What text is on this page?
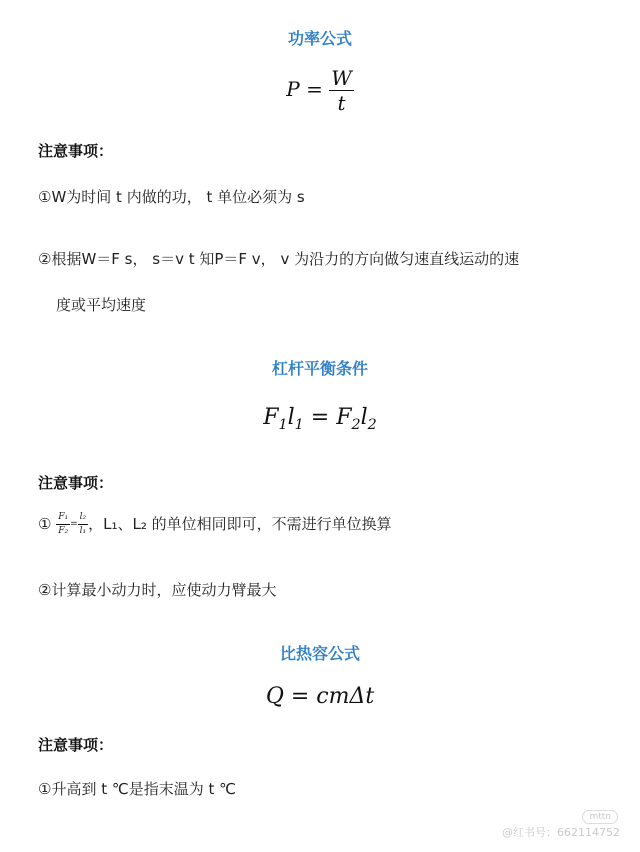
功率公式
$P = \frac{W}{t}$
注意事项：
①W为时间 t 内做的功， t 单位必须为 s
②根据W＝F s， s＝v t 知P＝F v， v 为沿力的方向做匀速直线运动的速
度或平均速度
杠杆平衡条件
$F_1l_1 = F_2l_2$
注意事项：
① $\frac{\text{F₁}}{\text{F₂}} = \frac{\text{l₂}}{\text{l₁}}$ ，L₁、L₂ 的单位相同即可，不需进行单位换算
②计算最小动力时，应使动力臂最大
比热容公式
Q = cmΔt
注意事项：
①升高到 t ℃是指末温为 t ℃
mttn
@红书号：662114752
